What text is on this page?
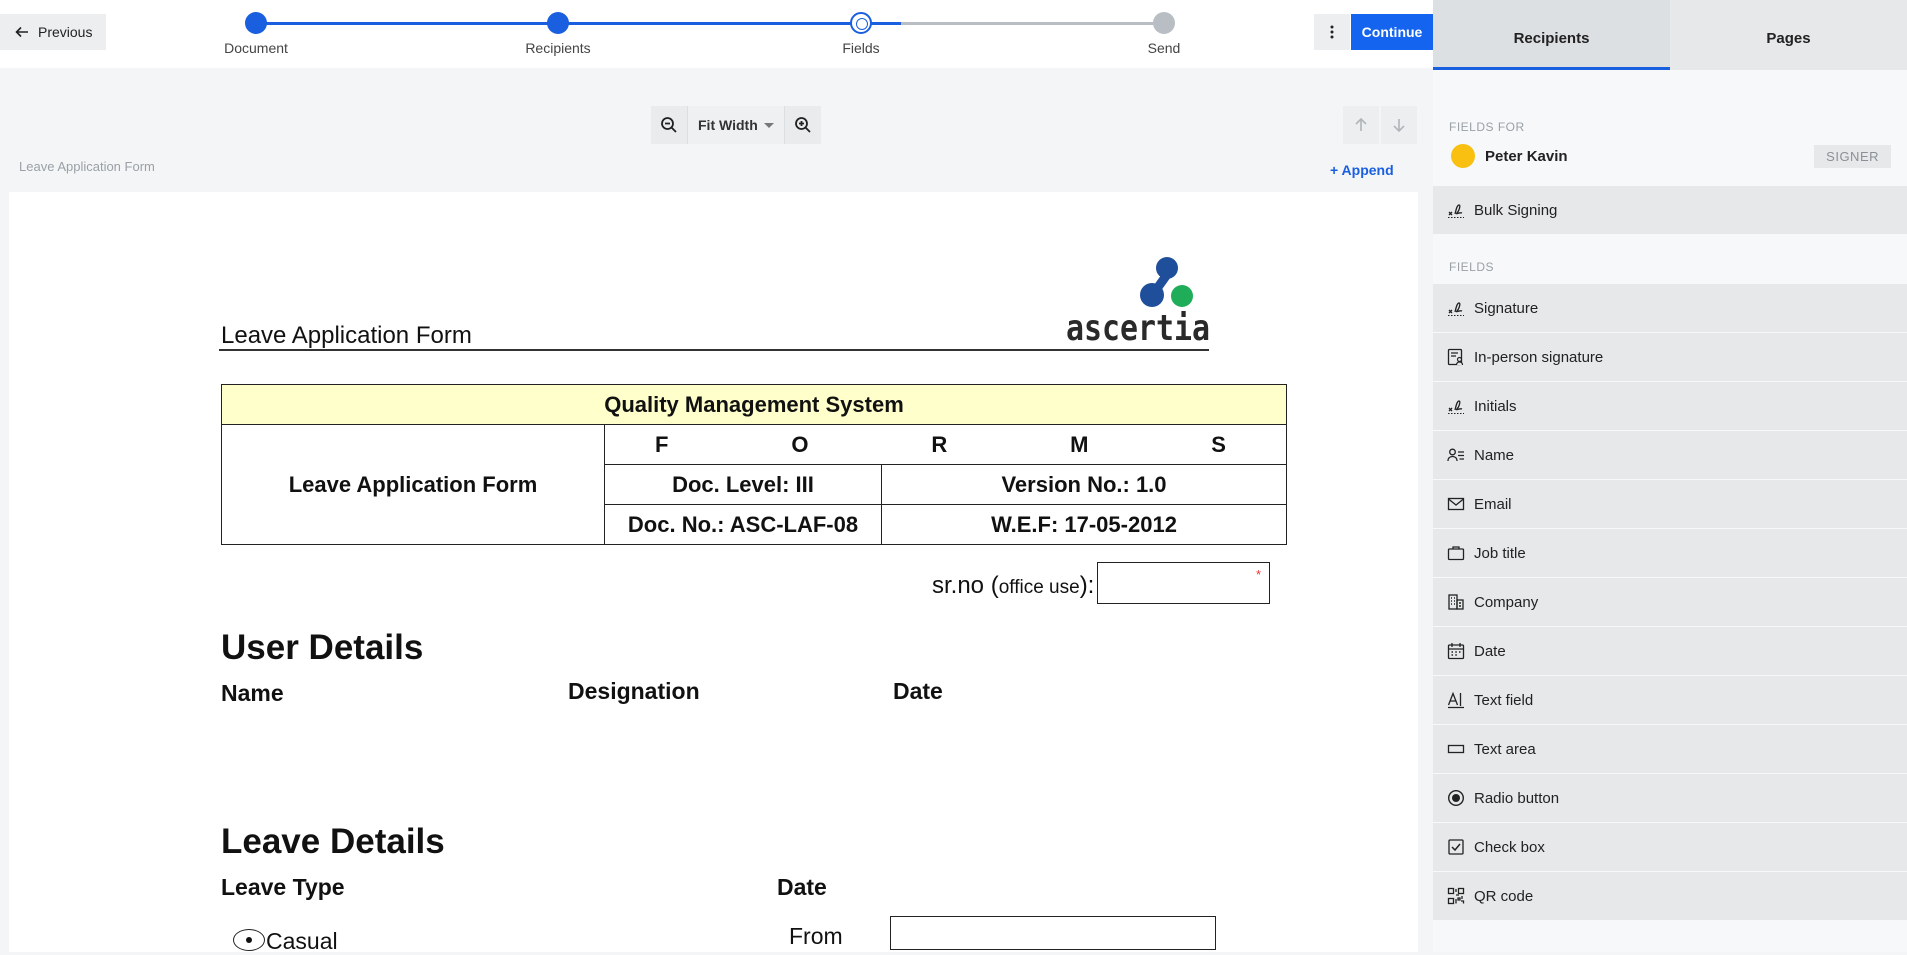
Previous
Document	Recipients	Fields	Send
Continue
Fit Width
Leave Application Form	+ Append
Leave Application Form	ascertia
Quality Management System		
Leave Application Form	F O R M S	

	Doc. Level: III	Version No.: 1.0
	Doc. No.: ASC-LAF-08	W.E.F: 17-05-2012
sr.no (office use):	*
User Details
Name	Designation	Date
Leave Details
Leave Type	Date
Casual	From
Recipients	Pages
FIELDS FOR
Peter Kavin	SIGNER
Bulk Signing
FIELDS
Signature
In-person signature
Initials
Name
Email
Job title
Company
Date
Text field
Text area
Radio button
Check box
QR code
